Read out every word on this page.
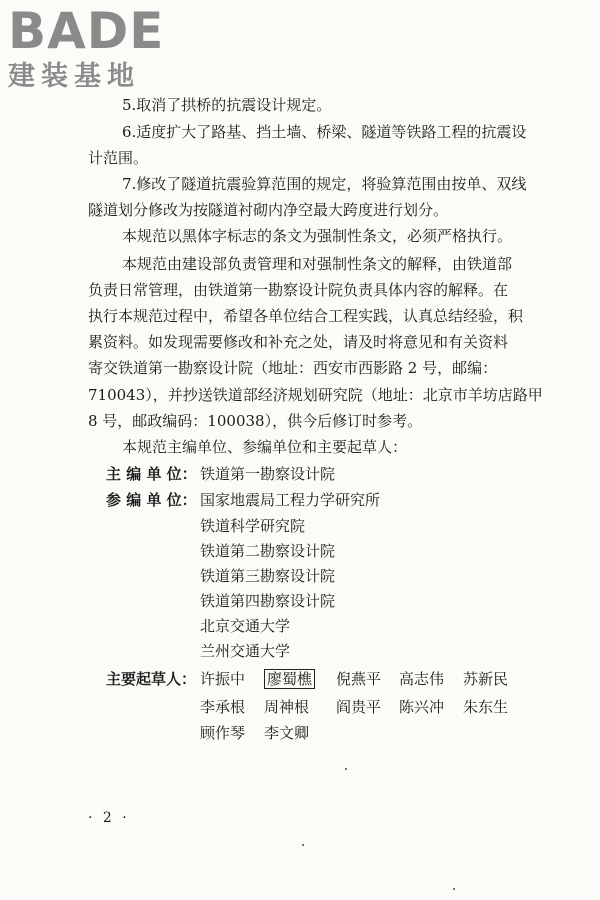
BADE
建装基地
5.取消了拱桥的抗震设计规定。
6.适度扩大了路基、挡土墙、桥梁、隧道等铁路工程的抗震设
计范围。
7.修改了隧道抗震验算范围的规定，将验算范围由按单、双线
隧道划分修改为按隧道衬砌内净空最大跨度进行划分。
本规范以黑体字标志的条文为强制性条文，必须严格执行。
本规范由建设部负责管理和对强制性条文的解释，由铁道部
负责日常管理，由铁道第一勘察设计院负责具体内容的解释。在
执行本规范过程中，希望各单位结合工程实践，认真总结经验，积
累资料。如发现需要修改和补充之处，请及时将意见和有关资料
寄交铁道第一勘察设计院（地址：西安市西影路 2 号，邮编：
710043），并抄送铁道部经济规划研究院（地址：北京市羊坊店路甲
8 号，邮政编码：100038），供今后修订时参考。
本规范主编单位、参编单位和主要起草人：
主 编 单 位： 铁道第一勘察设计院
参 编 单 位： 国家地震局工程力学研究所
铁道科学研究院
铁道第二勘察设计院
铁道第三勘察设计院
铁道第四勘察设计院
北京交通大学
兰州交通大学
主要起草人： 许振中 廖蜀樵 倪燕平 高志伟 苏新民
李承根 周神根 阎贵平 陈兴冲 朱东生
顾作琴 李文卿
· 2 ·
